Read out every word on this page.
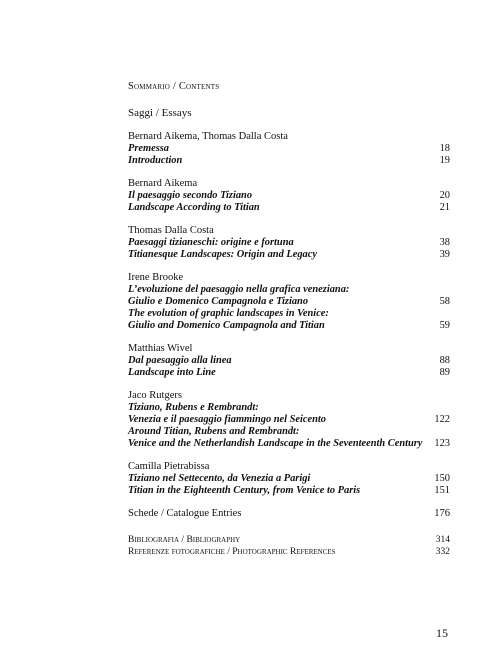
Sommario / Contents
Saggi / Essays
Bernard Aikema, Thomas Dalla Costa
Premessa	18
Introduction	19
Bernard Aikema
Il paesaggio secondo Tiziano	20
Landscape According to Titian	21
Thomas Dalla Costa
Paesaggi tizianeschi: origine e fortuna	38
Titianesque Landscapes: Origin and Legacy	39
Irene Brooke
L’evoluzione del paesaggio nella grafica veneziana:
Giulio e Domenico Campagnola e Tiziano	58
The evolution of graphic landscapes in Venice:
Giulio and Domenico Campagnola and Titian	59
Matthias Wivel
Dal paesaggio alla linea	88
Landscape into Line	89
Jaco Rutgers
Tiziano, Rubens e Rembrandt:
Venezia e il paesaggio fiammingo nel Seicento	122
Around Titian, Rubens and Rembrandt:
Venice and the Netherlandish Landscape in the Seventeenth Century	123
Camilla Pietrabissa
Tiziano nel Settecento, da Venezia a Parigi	150
Titian in the Eighteenth Century, from Venice to Paris	151
Schede / Catalogue Entries	176
Bibliografia / Bibliography	314
Referenze fotografiche / Photographic References	332
15
